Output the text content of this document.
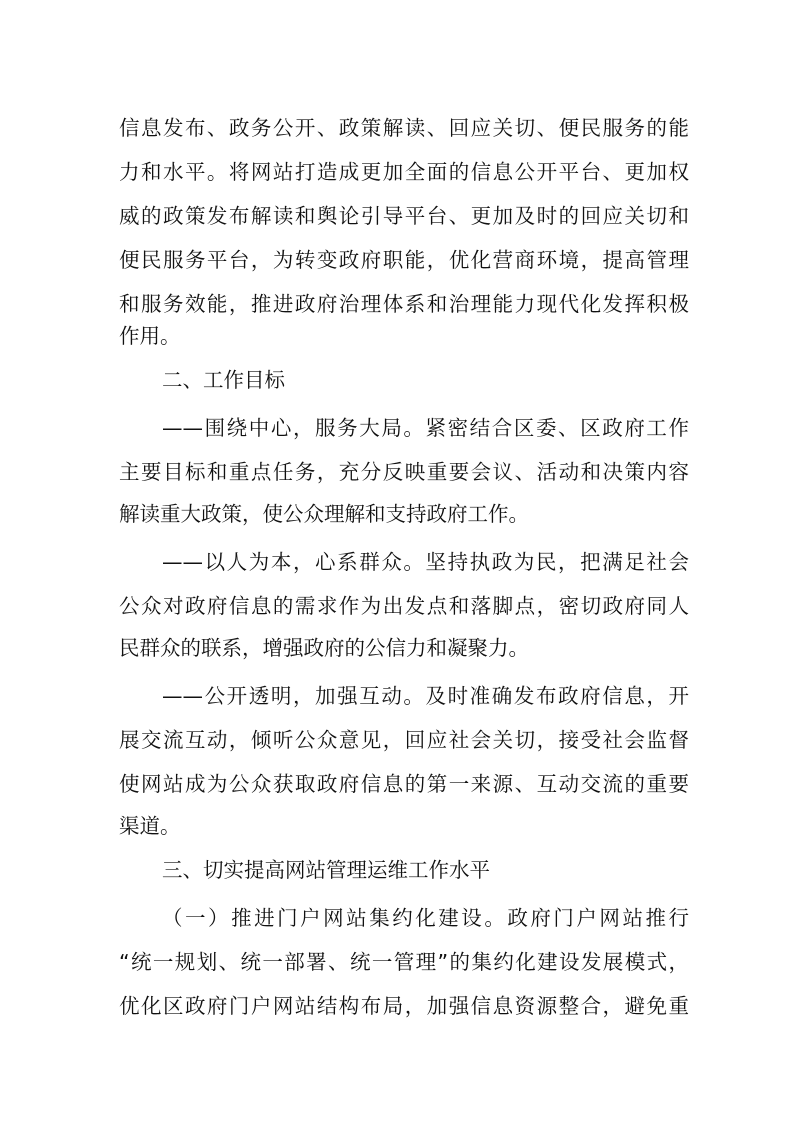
信息发布、政务公开、政策解读、回应关切、便民服务的能
力和水平。将网站打造成更加全面的信息公开平台、更加权
威的政策发布解读和舆论引导平台、更加及时的回应关切和
便民服务平台，为转变政府职能，优化营商环境，提高管理
和服务效能，推进政府治理体系和治理能力现代化发挥积极
作用。
二、工作目标
——围绕中心，服务大局。紧密结合区委、区政府工作
主要目标和重点任务，充分反映重要会议、活动和决策内容
解读重大政策，使公众理解和支持政府工作。
——以人为本，心系群众。坚持执政为民，把满足社会
公众对政府信息的需求作为出发点和落脚点，密切政府同人
民群众的联系，增强政府的公信力和凝聚力。
——公开透明，加强互动。及时准确发布政府信息，开
展交流互动，倾听公众意见，回应社会关切，接受社会监督
使网站成为公众获取政府信息的第一来源、互动交流的重要
渠道。
三、切实提高网站管理运维工作水平
（一）推进门户网站集约化建设。政府门户网站推行
“统一规划、统一部署、统一管理”的集约化建设发展模式，
优化区政府门户网站结构布局，加强信息资源整合，避免重
